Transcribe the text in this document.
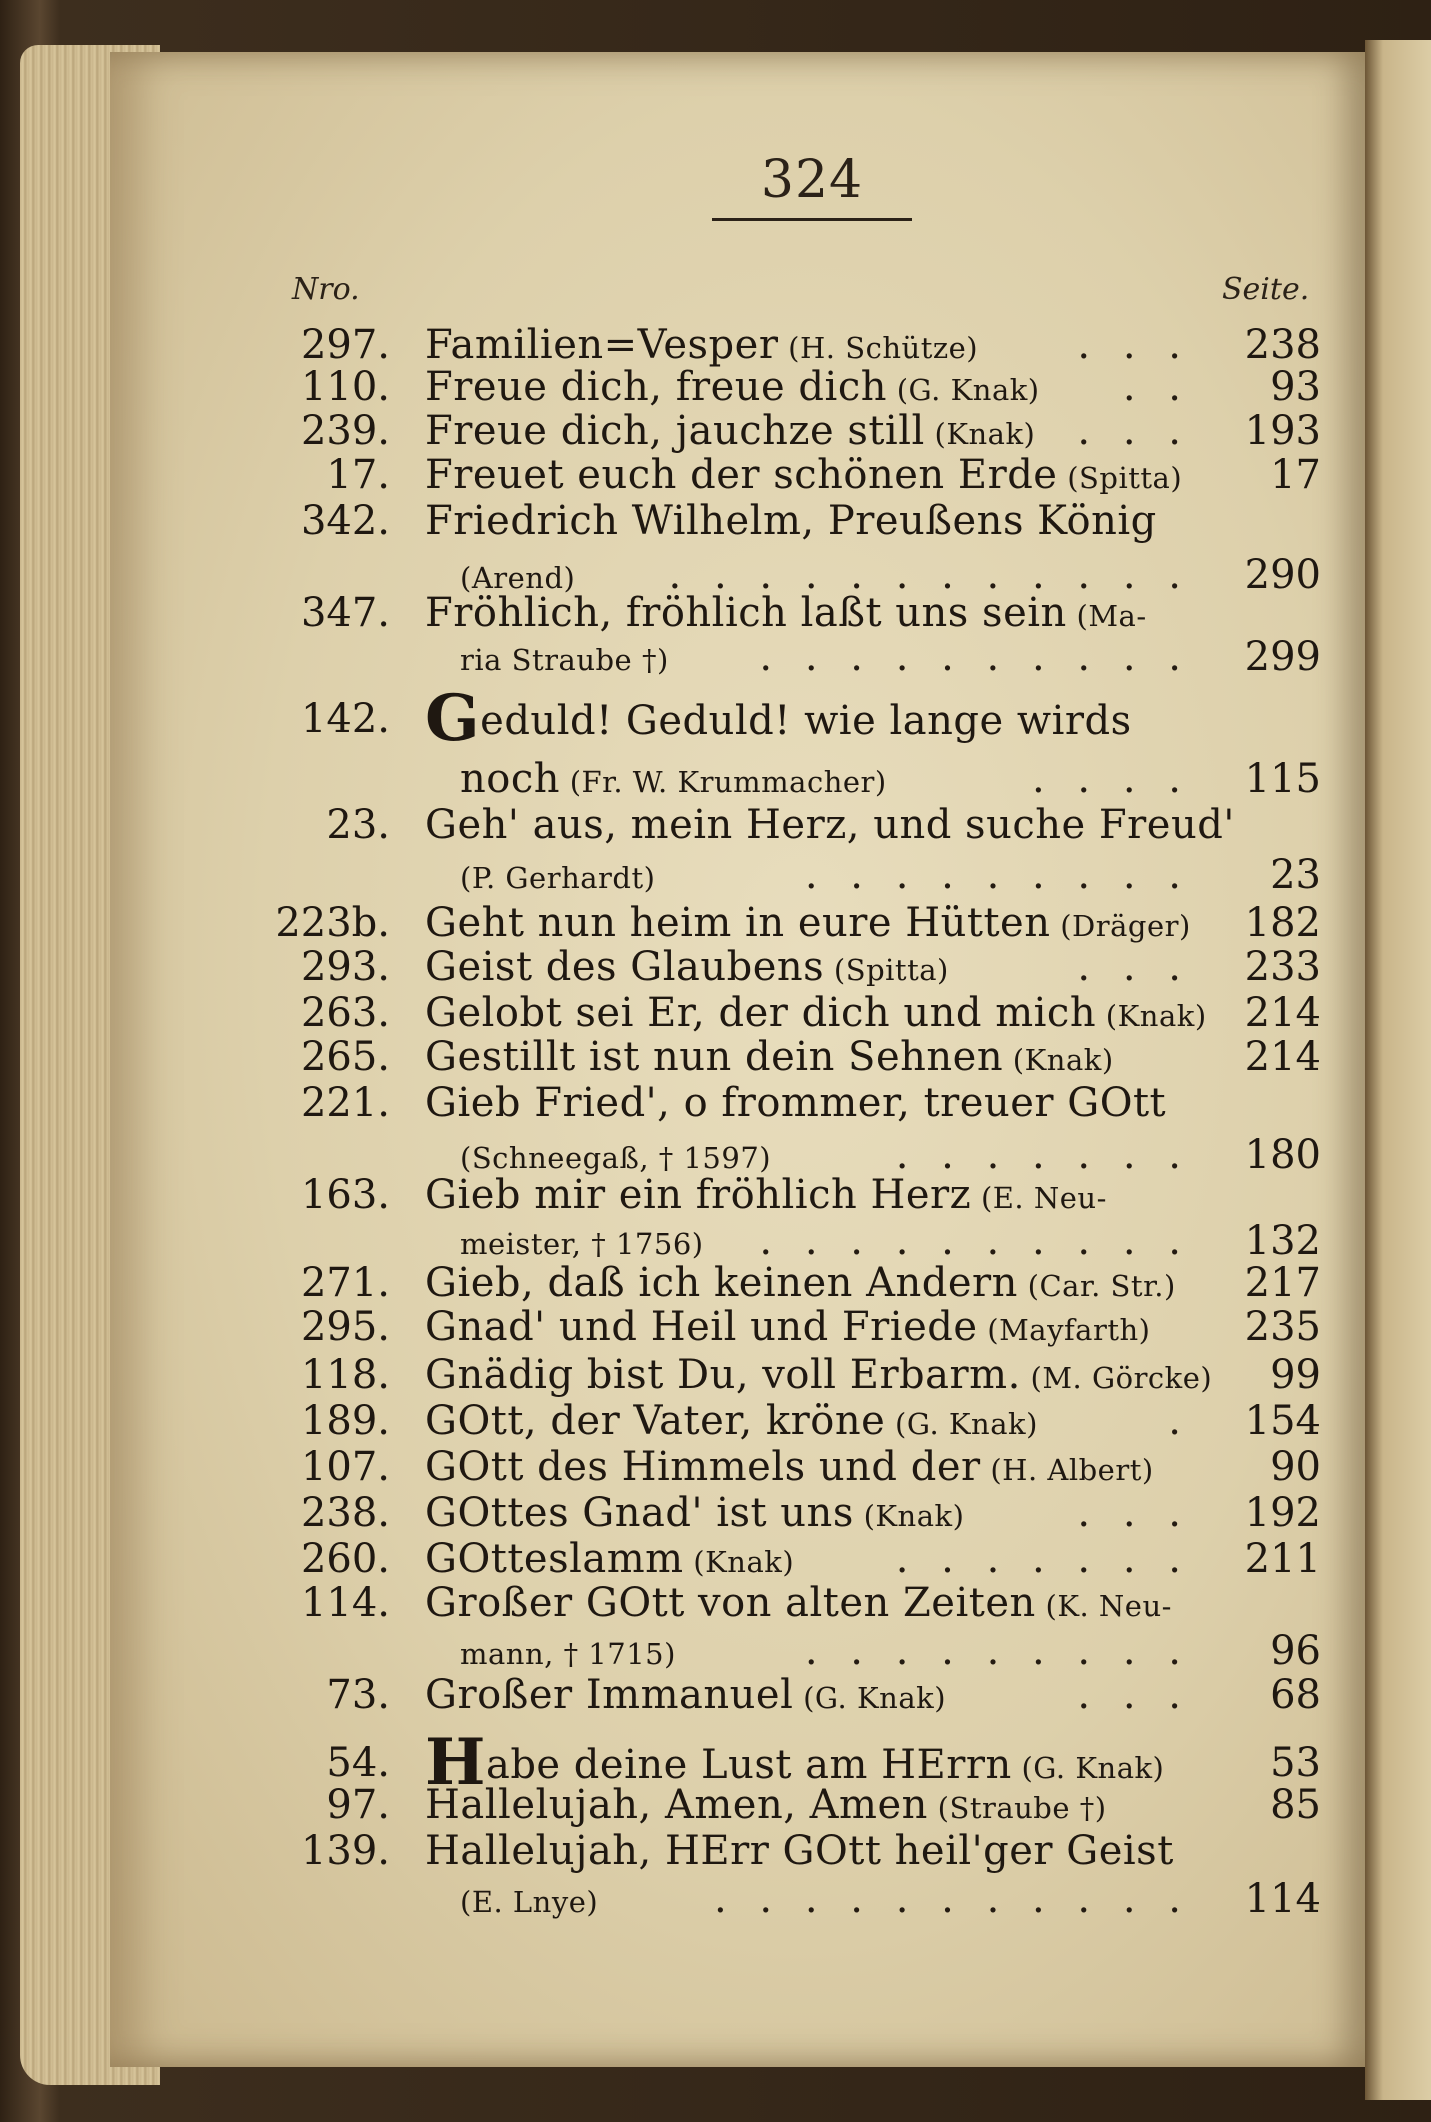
324
Nro.	Seite.
297. Familien=Vesper (H. Schütze) . . .	238
110. Freue dich, freue dich (G. Knak) . .	93
239. Freue dich, jauchze still (Knak) . . .	193
17. Freuet euch der schönen Erde (Spitta)	17
342. Friedrich Wilhelm, Preußens König
(Arend) . . . . . . . . . . . .	290
347. Fröhlich, fröhlich laßt uns sein (Ma-
ria Straube †) . . . . . . . . . .	299
142. Geduld! Geduld! wie lange wirds
noch (Fr. W. Krummacher)	. . . .	115
23. Geh' aus, mein Herz, und suche Freud'
(P. Gerhardt)	. . . . . . . . .	23
223b. Geht nun heim in eure Hütten (Dräger)	182
293. Geist des Glaubens (Spitta)	. . .	233
263. Gelobt sei Er, der dich und mich (Knak) 214
265. Gestillt ist nun dein Sehnen (Knak)	214
221. Gieb Fried', o frommer, treuer GOtt
(Schneegaß, † 1597)	. . . . . . .	180
163. Gieb mir ein fröhlich Herz (E. Neu-
meister, † 1756) . . . . . . . . . .	132
271. Gieb, daß ich keinen Andern (Car. Str.)	217
295. Gnad' und Heil und Friede (Mayfarth)	235
118. Gnädig bist Du, voll Erbarm. (M. Görcke)	99
189. GOtt, der Vater, kröne (G. Knak)	.	154
107. GOtt des Himmels und der (H. Albert)	90
238. GOttes Gnad' ist uns (Knak)	. . .	192
260. GOtteslamm (Knak)	. . . . . . .	211
114. Großer GOtt von alten Zeiten (K. Neu-
mann, † 1715)	. . . . . . . . .	96
73. Großer Immanuel (G. Knak)	. . .	68
54. Habe deine Lust am HErrn (G. Knak)	53
97. Hallelujah, Amen, Amen (Straube †)	85
139. Hallelujah, HErr GOtt heil'ger Geist
(E. Lnye)	. . . . . . . . . . .	114
